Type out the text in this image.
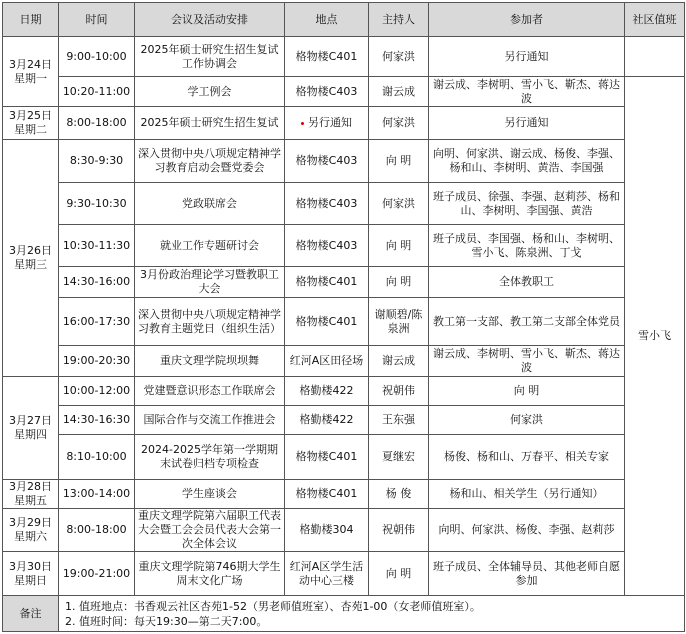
日期	时间	会议及活动安排	地点	主持人	参加者	社区值班

3月24日
星期一	9:00-10:00	2025年硕士研究生招生复试工作协调会	格物楼C401	何家洪	另行通知	
	10:20-11:00	学工例会	格物楼C403	谢云成	谢云成、李树明、雪小飞、靳杰、蒋达波	雪小飞

3月25日
星期二	8:00-18:00	2025年硕士研究生招生复试	另行通知	何家洪	另行通知	

3月26日
星期三	8:30-9:30	深入贯彻中央八项规定精神学习教育启动会暨党委会	格物楼C403	向 明	向明、何家洪、谢云成、杨俊、李强、杨和山、李树明、黄浩、李国强	
	9:30-10:30	党政联席会	格物楼C403	何家洪	班子成员、徐强、李强、赵莉莎、杨和山、李树明、李国强、黄浩	
	10:30-11:30	就业工作专题研讨会	格物楼C403	向 明	班子成员、李国强、杨和山、李树明、雪小飞、陈泉洲、丁戈	
	14:30-16:00	3月份政治理论学习暨教职工大会	格物楼C401	向 明	全体教职工	
	16:00-17:30	深入贯彻中央八项规定精神学习教育主题党日（组织生活）	格物楼C401	谢顺碧/陈泉洲	教工第一支部、教工第二支部全体党员	
	19:00-20:30	重庆文理学院坝坝舞	红河A区田径场	谢云成	谢云成、李树明、雪小飞、靳杰、蒋达波	

3月27日
星期四	10:00-12:00	党建暨意识形态工作联席会	格勤楼422	祝朝伟	向 明	
	14:30-16:30	国际合作与交流工作推进会	格勤楼422	王东强	何家洪	
	8:10-10:00	2024-2025学年第一学期期末试卷归档专项检查	格物楼C401	夏继宏	杨俊、杨和山、万春平、相关专家	

3月28日
星期五	13:00-14:00	学生座谈会	格物楼C401	杨 俊	杨和山、相关学生（另行通知）	

3月29日
星期六	8:00-18:00	重庆文理学院第六届职工代表大会暨工会会员代表大会第一次全体会议	格勤楼304	祝朝伟	向明、何家洪、杨俊、李强、赵莉莎	

3月30日
星期日	19:00-21:00	重庆文理学院第746期大学生周末文化广场	红河A区学生活动中心三楼	向 明	班子成员、全体辅导员、其他老师自愿参加	
备注	1. 值班地点：书香观云社区杏苑1-52（男老师值班室）、杏苑1-00（女老师值班室）。
2. 值班时间：每天19:30—第二天7:00。					
